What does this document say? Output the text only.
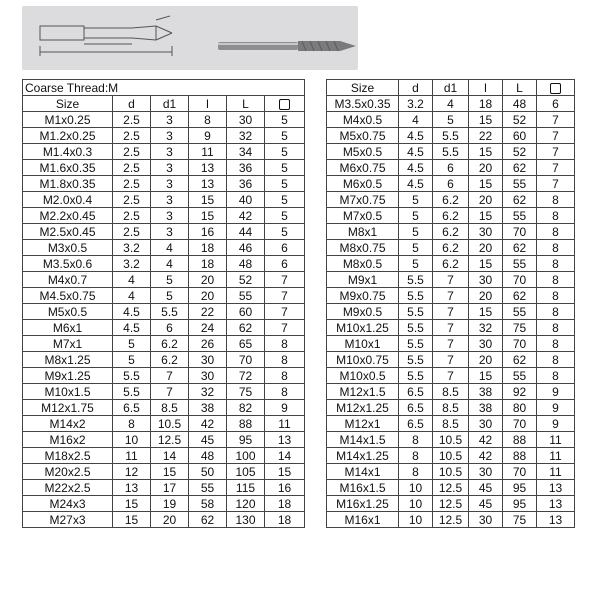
Coarse Thread:M					
Size	d	d1	l	L	
M1x0.25	2.5	3	8	30	5
M1.2x0.25	2.5	3	9	32	5
M1.4x0.3	2.5	3	11	34	5
M1.6x0.35	2.5	3	13	36	5
M1.8x0.35	2.5	3	13	36	5
M2.0x0.4	2.5	3	15	40	5
M2.2x0.45	2.5	3	15	42	5
M2.5x0.45	2.5	3	16	44	5
M3x0.5	3.2	4	18	46	6
M3.5x0.6	3.2	4	18	48	6
M4x0.7	4	5	20	52	7
M4.5x0.75	4	5	20	55	7
M5x0.5	4.5	5.5	22	60	7
M6x1	4.5	6	24	62	7
M7x1	5	6.2	26	65	8
M8x1.25	5	6.2	30	70	8
M9x1.25	5.5	7	30	72	8
M10x1.5	5.5	7	32	75	8
M12x1.75	6.5	8.5	38	82	9
M14x2	8	10.5	42	88	11
M16x2	10	12.5	45	95	13
M18x2.5	11	14	48	100	14
M20x2.5	12	15	50	105	15
M22x2.5	13	17	55	115	16
M24x3	15	19	58	120	18
M27x3	15	20	62	130	18
Size	d	d1	l	L	
M3.5x0.35	3.2	4	18	48	6
M4x0.5	4	5	15	52	7
M5x0.75	4.5	5.5	22	60	7
M5x0.5	4.5	5.5	15	52	7
M6x0.75	4.5	6	20	62	7
M6x0.5	4.5	6	15	55	7
M7x0.75	5	6.2	20	62	8
M7x0.5	5	6.2	15	55	8
M8x1	5	6.2	30	70	8
M8x0.75	5	6.2	20	62	8
M8x0.5	5	6.2	15	55	8
M9x1	5.5	7	30	70	8
M9x0.75	5.5	7	20	62	8
M9x0.5	5.5	7	15	55	8
M10x1.25	5.5	7	32	75	8
M10x1	5.5	7	30	70	8
M10x0.75	5.5	7	20	62	8
M10x0.5	5.5	7	15	55	8
M12x1.5	6.5	8.5	38	92	9
M12x1.25	6.5	8.5	38	80	9
M12x1	6.5	8.5	30	70	9
M14x1.5	8	10.5	42	88	11
M14x1.25	8	10.5	42	88	11
M14x1	8	10.5	30	70	11
M16x1.5	10	12.5	45	95	13
M16x1.25	10	12.5	45	95	13
M16x1	10	12.5	30	75	13
